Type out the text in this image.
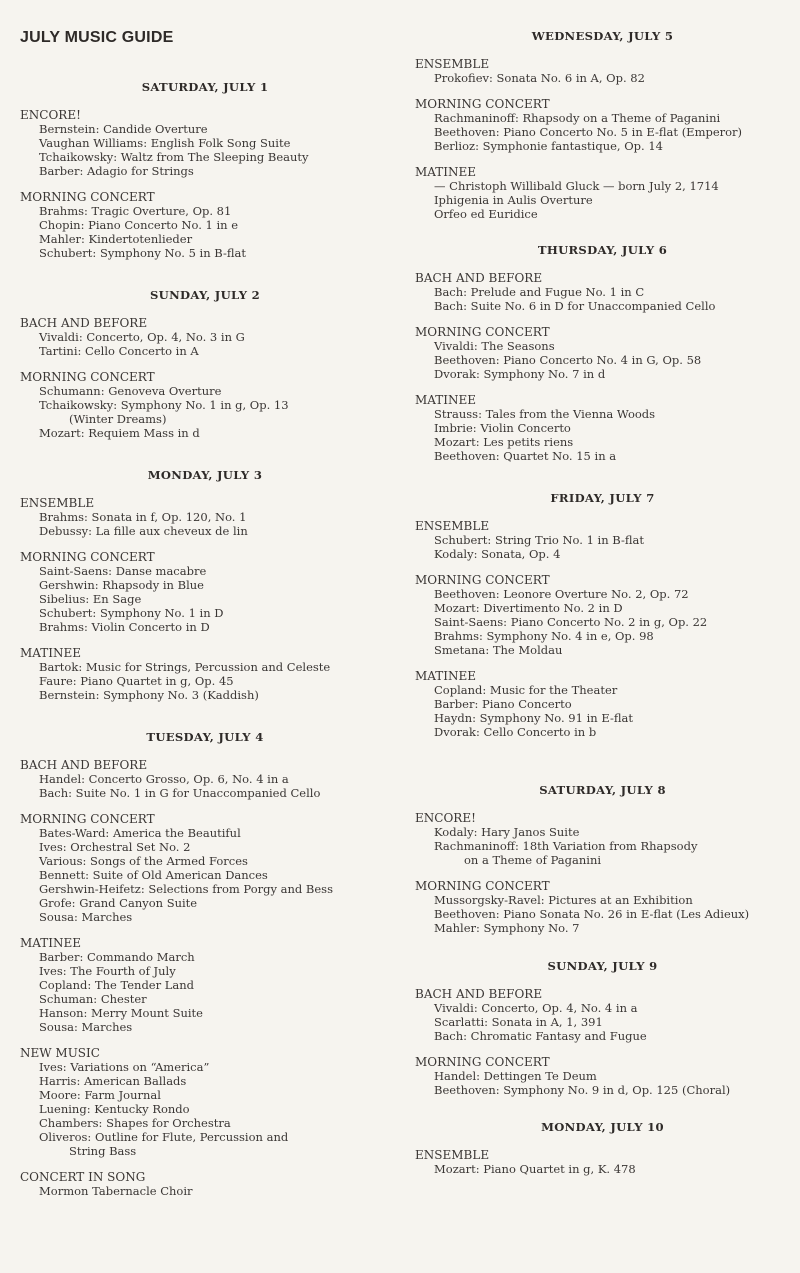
JULY MUSIC GUIDE
SATURDAY, JULY 1
ENCORE!
Bernstein: Candide Overture
Vaughan Williams: English Folk Song Suite
Tchaikowsky: Waltz from The Sleeping Beauty
Barber: Adagio for Strings
MORNING CONCERT
Brahms: Tragic Overture, Op. 81
Chopin: Piano Concerto No. 1 in e
Mahler: Kindertotenlieder
Schubert: Symphony No. 5 in B-flat
SUNDAY, JULY 2
BACH AND BEFORE
Vivaldi: Concerto, Op. 4, No. 3 in G
Tartini: Cello Concerto in A
MORNING CONCERT
Schumann: Genoveva Overture
Tchaikowsky: Symphony No. 1 in g, Op. 13
(Winter Dreams)
Mozart: Requiem Mass in d
MONDAY, JULY 3
ENSEMBLE
Brahms: Sonata in f, Op. 120, No. 1
Debussy: La fille aux cheveux de lin
MORNING CONCERT
Saint-Saens: Danse macabre
Gershwin: Rhapsody in Blue
Sibelius: En Sage
Schubert: Symphony No. 1 in D
Brahms: Violin Concerto in D
MATINEE
Bartok: Music for Strings, Percussion and Celeste
Faure: Piano Quartet in g, Op. 45
Bernstein: Symphony No. 3 (Kaddish)
TUESDAY, JULY 4
BACH AND BEFORE
Handel: Concerto Grosso, Op. 6, No. 4 in a
Bach: Suite No. 1 in G for Unaccompanied Cello
MORNING CONCERT
Bates-Ward: America the Beautiful
Ives: Orchestral Set No. 2
Various: Songs of the Armed Forces
Bennett: Suite of Old American Dances
Gershwin-Heifetz: Selections from Porgy and Bess
Grofe: Grand Canyon Suite
Sousa: Marches
MATINEE
Barber: Commando March
Ives: The Fourth of July
Copland: The Tender Land
Schuman: Chester
Hanson: Merry Mount Suite
Sousa: Marches
NEW MUSIC
Ives: Variations on “America”
Harris: American Ballads
Moore: Farm Journal
Luening: Kentucky Rondo
Chambers: Shapes for Orchestra
Oliveros: Outline for Flute, Percussion and
String Bass
CONCERT IN SONG
Mormon Tabernacle Choir
WEDNESDAY, JULY 5
ENSEMBLE
Prokofiev: Sonata No. 6 in A, Op. 82
MORNING CONCERT
Rachmaninoff: Rhapsody on a Theme of Paganini
Beethoven: Piano Concerto No. 5 in E-flat (Emperor)
Berlioz: Symphonie fantastique, Op. 14
MATINEE
— Christoph Willibald Gluck — born July 2, 1714
Iphigenia in Aulis Overture
Orfeo ed Euridice
THURSDAY, JULY 6
BACH AND BEFORE
Bach: Prelude and Fugue No. 1 in C
Bach: Suite No. 6 in D for Unaccompanied Cello
MORNING CONCERT
Vivaldi: The Seasons
Beethoven: Piano Concerto No. 4 in G, Op. 58
Dvorak: Symphony No. 7 in d
MATINEE
Strauss: Tales from the Vienna Woods
Imbrie: Violin Concerto
Mozart: Les petits riens
Beethoven: Quartet No. 15 in a
FRIDAY, JULY 7
ENSEMBLE
Schubert: String Trio No. 1 in B-flat
Kodaly: Sonata, Op. 4
MORNING CONCERT
Beethoven: Leonore Overture No. 2, Op. 72
Mozart: Divertimento No. 2 in D
Saint-Saens: Piano Concerto No. 2 in g, Op. 22
Brahms: Symphony No. 4 in e, Op. 98
Smetana: The Moldau
MATINEE
Copland: Music for the Theater
Barber: Piano Concerto
Haydn: Symphony No. 91 in E-flat
Dvorak: Cello Concerto in b
SATURDAY, JULY 8
ENCORE!
Kodaly: Hary Janos Suite
Rachmaninoff: 18th Variation from Rhapsody
on a Theme of Paganini
MORNING CONCERT
Mussorgsky-Ravel: Pictures at an Exhibition
Beethoven: Piano Sonata No. 26 in E-flat (Les Adieux)
Mahler: Symphony No. 7
SUNDAY, JULY 9
BACH AND BEFORE
Vivaldi: Concerto, Op. 4, No. 4 in a
Scarlatti: Sonata in A, 1, 391
Bach: Chromatic Fantasy and Fugue
MORNING CONCERT
Handel: Dettingen Te Deum
Beethoven: Symphony No. 9 in d, Op. 125 (Choral)
MONDAY, JULY 10
ENSEMBLE
Mozart: Piano Quartet in g, K. 478
